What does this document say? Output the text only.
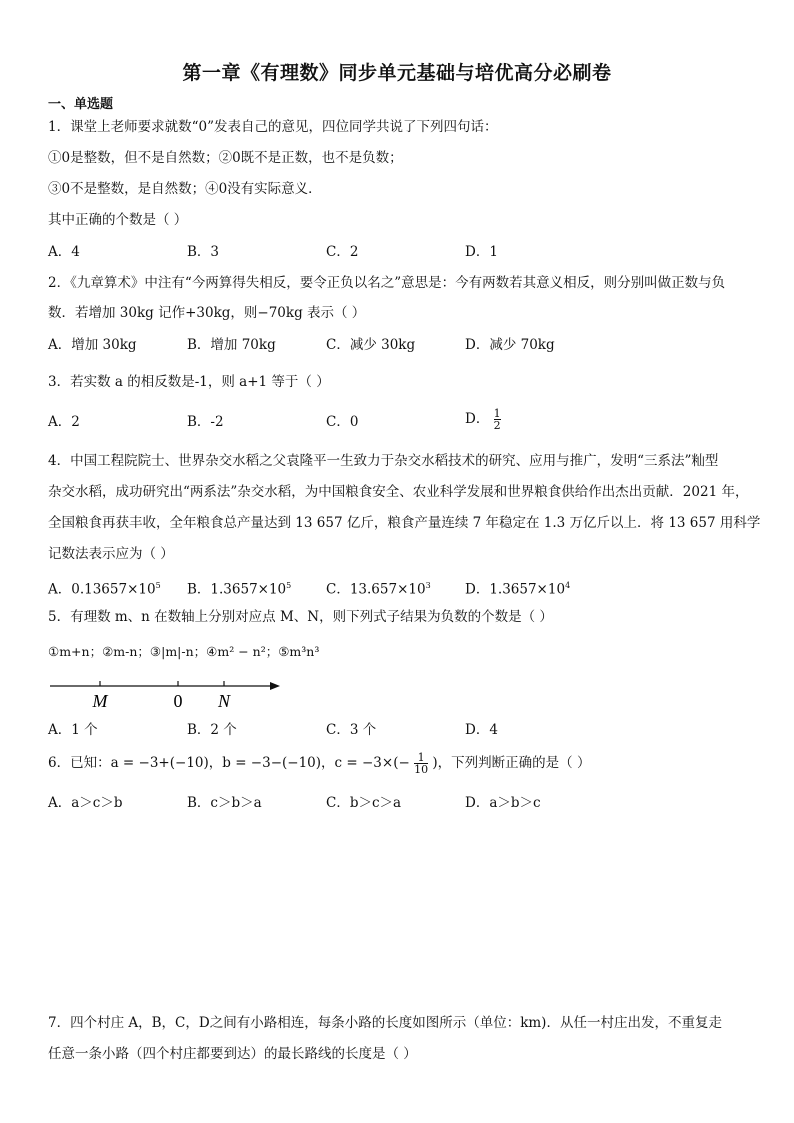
第一章《有理数》同步单元基础与培优高分必刷卷
一、单选题
1．课堂上老师要求就数“0”发表自己的意见，四位同学共说了下列四句话：
①0是整数，但不是自然数；②0既不是正数，也不是负数；
③0不是整数，是自然数；④0没有实际意义．
其中正确的个数是（ ）
A．4	B．3	C．2	D．1
2．《九章算术》中注有“今两算得失相反，要令正负以名之”意思是：今有两数若其意义相反，则分别叫做正数与负
数．若增加 30kg 记作+30kg，则−70kg 表示（ ）
A．增加 30kg	B．增加 70kg	C．减少 30kg	D．减少 70kg
3．若实数 a 的相反数是-1，则 a+1 等于（ ）
A．2	B．-2	C．0	D． $\frac{1}{2}$
4．中国工程院院士、世界杂交水稻之父袁隆平一生致力于杂交水稻技术的研究、应用与推广，发明“三系法”籼型
杂交水稻，成功研究出“两系法”杂交水稻，为中国粮食安全、农业科学发展和世界粮食供给作出杰出贡献．2021 年，
全国粮食再获丰收，全年粮食总产量达到 13 657 亿斤，粮食产量连续 7 年稳定在 1.3 万亿斤以上．将 13 657 用科学
记数法表示应为（ ）
A．$0.13657\times 10^5$ B．$1.3657\times 10^5$	C．$13.657\times 10^3$	D．$1.3657\times 10^4$
5．有理数 m、n 在数轴上分别对应点 M、N，则下列式子结果为负数的个数是（ ）
①m+n；②m-n；③|m|-n；④m² − n²；⑤m³n³
M	0 N
A．1 个	B．2 个	C．3 个	D．4
6．已知：a = −3+(−10)，b = −3−(−10)，$c = -3\times(- \frac{1}{10}$ )，下列判断正确的是（ ）
A．a＞c＞b	B．c＞b＞a	C．b＞c＞a	D．a＞b＞c
7．四个村庄 A，B，C，D之间有小路相连，每条小路的长度如图所示（单位：km)．从任一村庄出发，不重复走
任意一条小路（四个村庄都要到达）的最长路线的长度是（ ）
